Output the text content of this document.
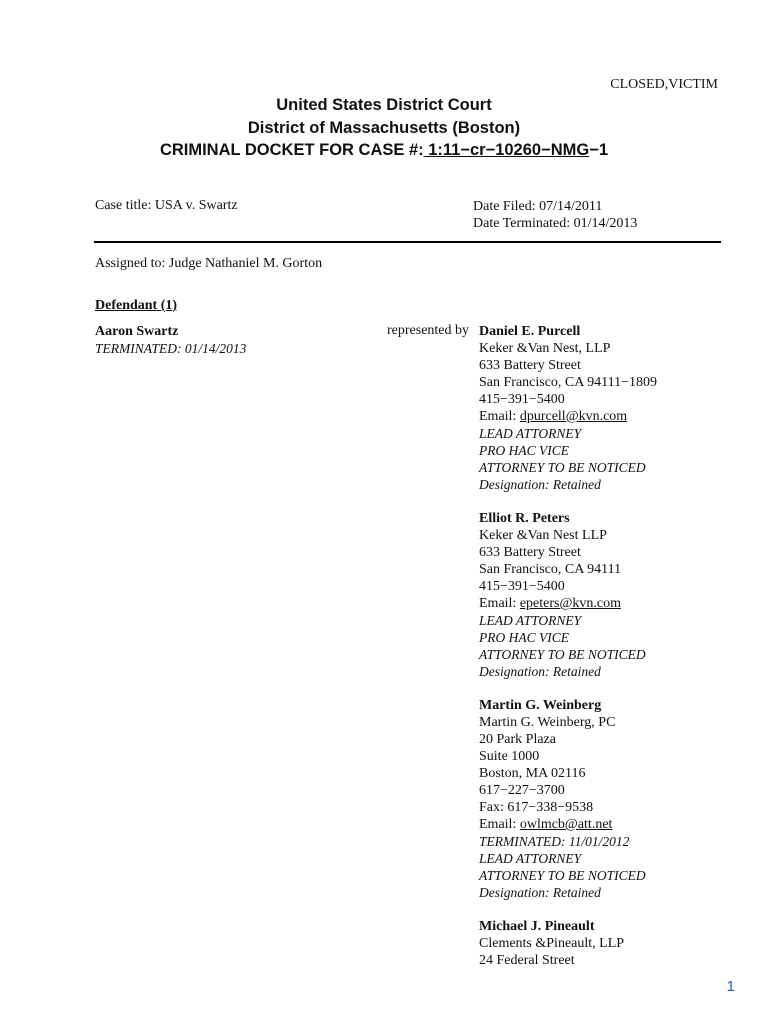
CLOSED,VICTIM
United States District Court
District of Massachusetts (Boston)
CRIMINAL DOCKET FOR CASE #: 1:11−cr−10260−NMG−1
Case title: USA v. Swartz	Date Filed: 07/14/2011
Date Terminated: 01/14/2013
Assigned to: Judge Nathaniel M. Gorton
Defendant (1)
Aaron Swartz
TERMINATED: 01/14/2013
represented by Daniel E. Purcell
Keker &Van Nest, LLP
633 Battery Street
San Francisco, CA 94111−1809
415−391−5400
Email: dpurcell@kvn.com
LEAD ATTORNEY
PRO HAC VICE
ATTORNEY TO BE NOTICED
Designation: Retained
Elliot R. Peters
Keker &Van Nest LLP
633 Battery Street
San Francisco, CA 94111
415−391−5400
Email: epeters@kvn.com
LEAD ATTORNEY
PRO HAC VICE
ATTORNEY TO BE NOTICED
Designation: Retained
Martin G. Weinberg
Martin G. Weinberg, PC
20 Park Plaza
Suite 1000
Boston, MA 02116
617−227−3700
Fax: 617−338−9538
Email: owlmcb@att.net
TERMINATED: 11/01/2012
LEAD ATTORNEY
ATTORNEY TO BE NOTICED
Designation: Retained
Michael J. Pineault
Clements &Pineault, LLP
24 Federal Street
1
